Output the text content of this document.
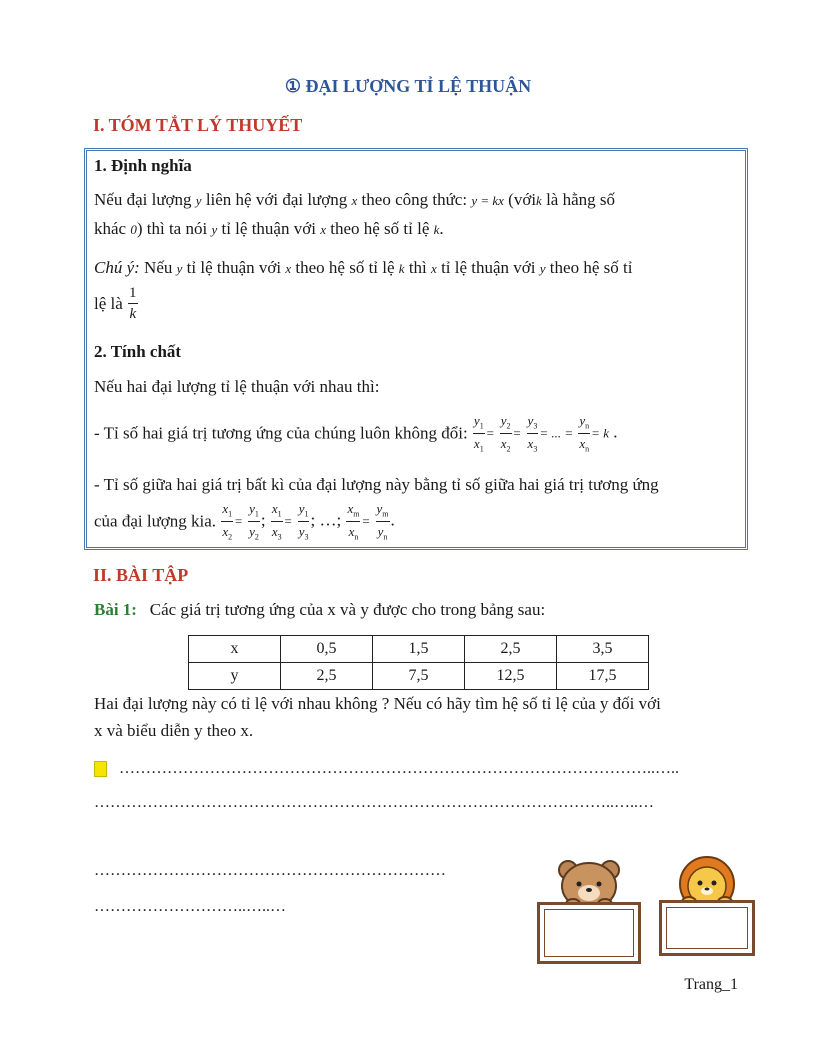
① ĐẠI LƯỢNG TỈ LỆ THUẬN
I. TÓM TẮT LÝ THUYẾT
1. Định nghĩa
Nếu đại lượng y liên hệ với đại lượng x theo công thức: y = kx (vớik là hằng số
khác 0) thì ta nói y tỉ lệ thuận với x theo hệ số tỉ lệ k.
Chú ý: Nếu y tỉ lệ thuận với x theo hệ số tỉ lệ k thì x tỉ lệ thuận với y theo hệ số tỉ
lệ là $\frac{1}{k}$
2. Tính chất
Nếu hai đại lượng tỉ lệ thuận với nhau thì:
- Tỉ số hai giá trị tương ứng của chúng luôn không đổi: $\frac{y_1}{x_1} = \frac{y_2}{x_2} = \frac{y_3}{x_3}$ = ... = $\frac{y_n}{x_n} = k$ .
- Tỉ số giữa hai giá trị bất kì của đại lượng này bằng tỉ số giữa hai giá trị tương ứng
của đại lượng kia. $\frac{x_1}{x_2} = \frac{y_1}{y_2}$ ; $\frac{x_1}{x_3} = \frac{y_1}{y_3}$ ; …; $\frac{x_m}{x_n} = \frac{y_m}{y_n}$ .
II. BÀI TẬP
Bài 1: Các giá trị tương ứng của x và y được cho trong bảng sau:
x	0,5	1,5	2,5	3,5
y	2,5	7,5	12,5	17,5
Hai đại lượng này có tỉ lệ với nhau không ? Nếu có hãy tìm hệ số tỉ lệ của y đối với
x và biểu diễn y theo x.
………………………………………………………………………………………..…..
……………………………………………………………………………………..…..…
…………………………………………………………
………………………..…..…
Trang_1
